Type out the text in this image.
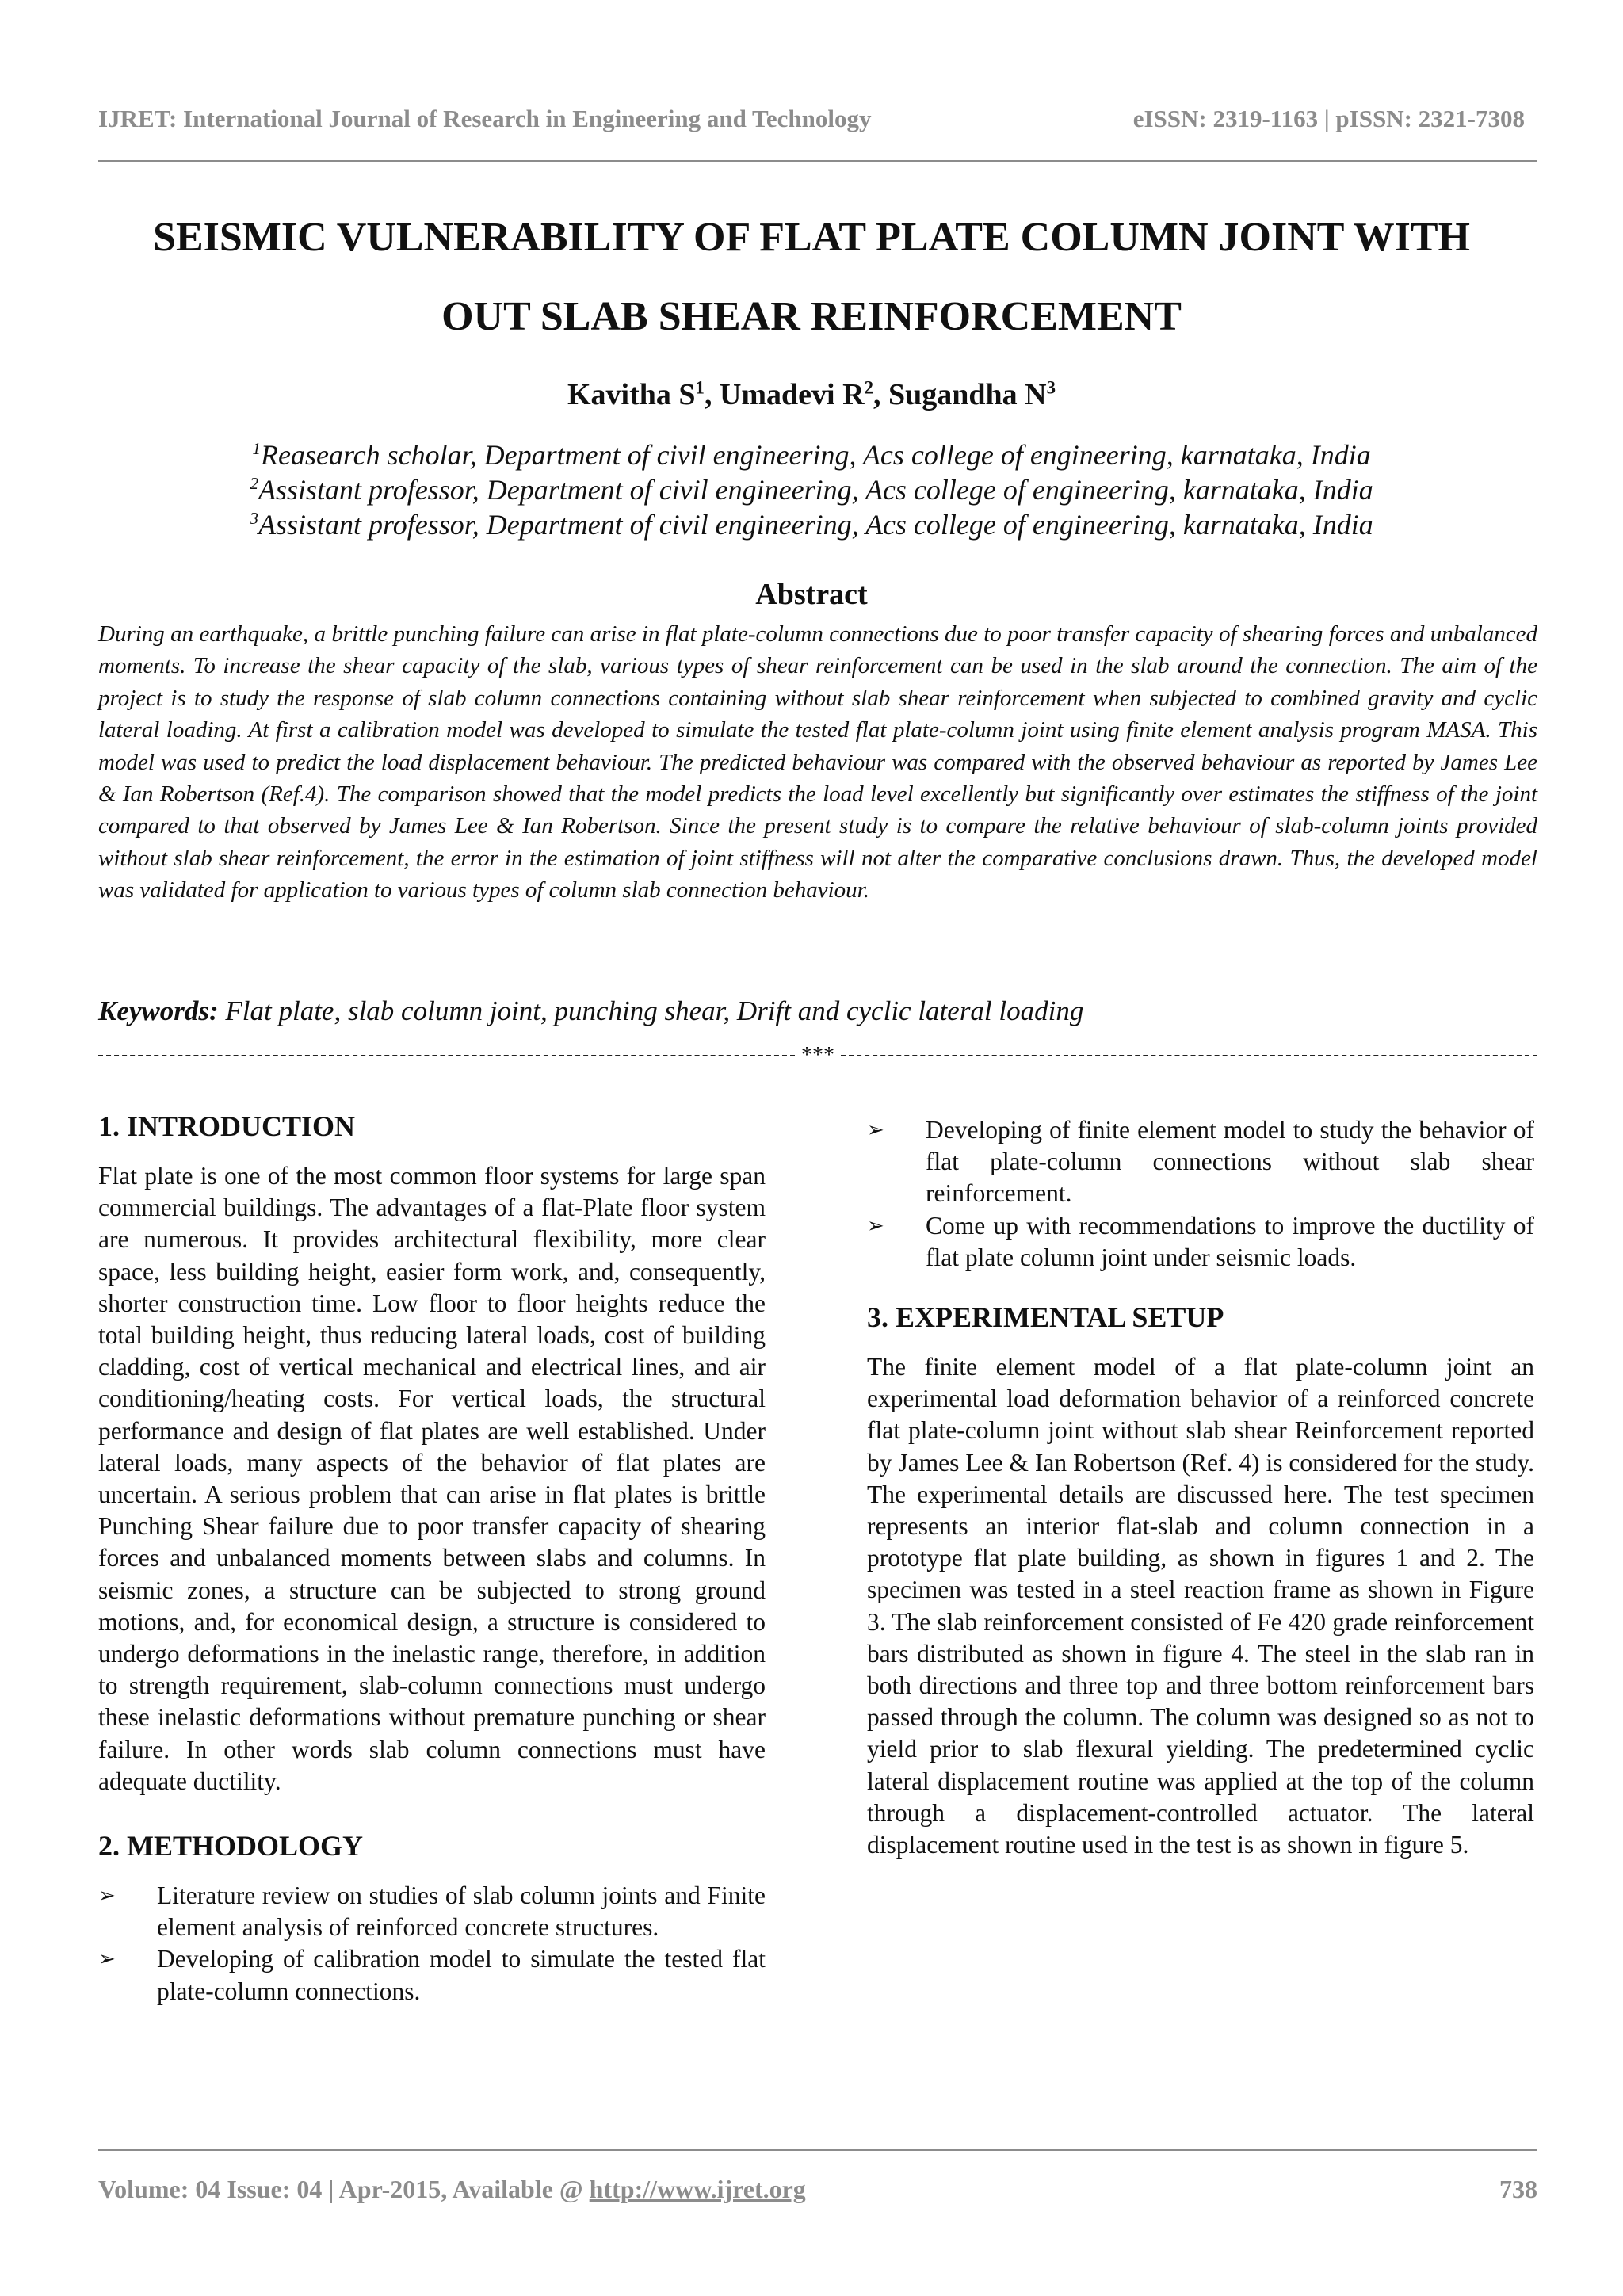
IJRET: International Journal of Research in Engineering and Technology	eISSN: 2319-1163 | pISSN: 2321-7308
SEISMIC VULNERABILITY OF FLAT PLATE COLUMN JOINT WITH
OUT SLAB SHEAR REINFORCEMENT
Kavitha $S^1$, Umadevi $R^2$, Sugandha $N^3$
$^1$Reasearch scholar, Department of civil engineering, Acs college of engineering, karnataka, India
$^2$Assistant professor, Department of civil engineering, Acs college of engineering, karnataka, India
$^3$Assistant professor, Department of civil engineering, Acs college of engineering, karnataka, India
Abstract

During an earthquake, a brittle punching failure can arise in flat plate-column connections due to poor transfer capacity of shearing forces and unbalanced moments. To increase the shear capacity of the slab, various types of shear reinforcement can be used in the slab around the connection. The aim of the project is to study the response of slab column connections containing without slab shear reinforcement when subjected to combined gravity and cyclic lateral loading. At first a calibration model was developed to simulate the tested flat plate-column joint using finite element analysis program MASA. This model was used to predict the load displacement behaviour. The predicted behaviour was compared with the observed behaviour as reported by James Lee & Ian Robertson (Ref.4). The comparison showed that the model predicts the load level excellently but significantly over estimates the stiffness of the joint compared to that observed by James Lee & Ian Robertson. Since the present study is to compare the relative behaviour of slab-column joints provided without slab shear reinforcement, the error in the estimation of joint stiffness will not alter the comparative conclusions drawn. Thus, the developed model was validated for application to various types of column slab connection behaviour.

Keywords: Flat plate, slab column joint, punching shear, Drift and cyclic lateral loading

***
1. INTRODUCTION

Flat plate is one of the most common floor systems for large span commercial buildings. The advantages of a flat-Plate floor system are numerous. It provides architectural flexibility, more clear space, less building height, easier form work, and, consequently, shorter construction time. Low floor to floor heights reduce the total building height, thus reducing lateral loads, cost of building cladding, cost of vertical mechanical and electrical lines, and air conditioning/heating costs. For vertical loads, the structural performance and design of flat plates are well established. Under lateral loads, many aspects of the behavior of flat plates are uncertain. A serious problem that can arise in flat plates is brittle Punching Shear failure due to poor transfer capacity of shearing forces and unbalanced moments between slabs and columns. In seismic zones, a structure can be subjected to strong ground motions, and, for economical design, a structure is considered to undergo deformations in the inelastic range, therefore, in addition to strength requirement, slab-column connections must undergo these inelastic deformations without premature punching or shear failure. In other words slab column connections must have adequate ductility.

2. METHODOLOGY
➢	Literature review on studies of slab column joints and Finite element analysis of reinforced concrete structures.
➢	Developing of calibration model to simulate the tested flat plate-column connections.
➢	Developing of finite element model to study the behavior of flat plate-column connections without slab shear reinforcement.
➢	Come up with recommendations to improve the ductility of flat plate column joint under seismic loads.
3. EXPERIMENTAL SETUP

The finite element model of a flat plate-column joint an experimental load deformation behavior of a reinforced concrete flat plate-column joint without slab shear Reinforcement reported by James Lee & Ian Robertson (Ref. 4) is considered for the study. The experimental details are discussed here. The test specimen represents an interior flat-slab and column connection in a prototype flat plate building, as shown in figures 1 and 2. The specimen was tested in a steel reaction frame as shown in Figure 3. The slab reinforcement consisted of Fe 420 grade reinforcement bars distributed as shown in figure 4. The steel in the slab ran in both directions and three top and three bottom reinforcement bars passed through the column. The column was designed so as not to yield prior to slab flexural yielding. The predetermined cyclic lateral displacement routine was applied at the top of the column through a displacement-controlled actuator. The lateral displacement routine used in the test is as shown in figure 5.

Volume: 04 Issue: 04 | Apr-2015, Available @ http://www.ijret.org	738
